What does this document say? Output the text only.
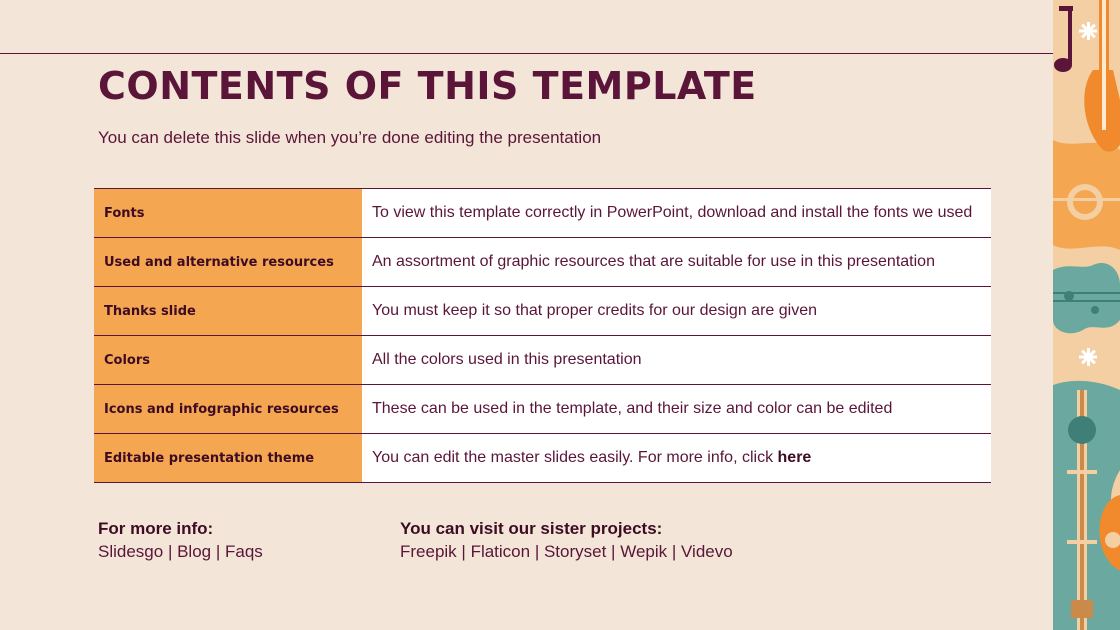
CONTENTS OF THIS TEMPLATE

You can delete this slide when you’re done editing the presentation

Fonts	To view this template correctly in PowerPoint, download and install the fonts we used
Used and alternative resources	An assortment of graphic resources that are suitable for use in this presentation
Thanks slide	You must keep it so that proper credits for our design are given
Colors	All the colors used in this presentation
Icons and infographic resources	These can be used in the template, and their size and color can be edited
Editable presentation theme	You can edit the master slides easily. For more info, click here
For more info:
Slidesgo | Blog | Faqs
You can visit our sister projects:
Freepik | Flaticon | Storyset | Wepik | Videvo
